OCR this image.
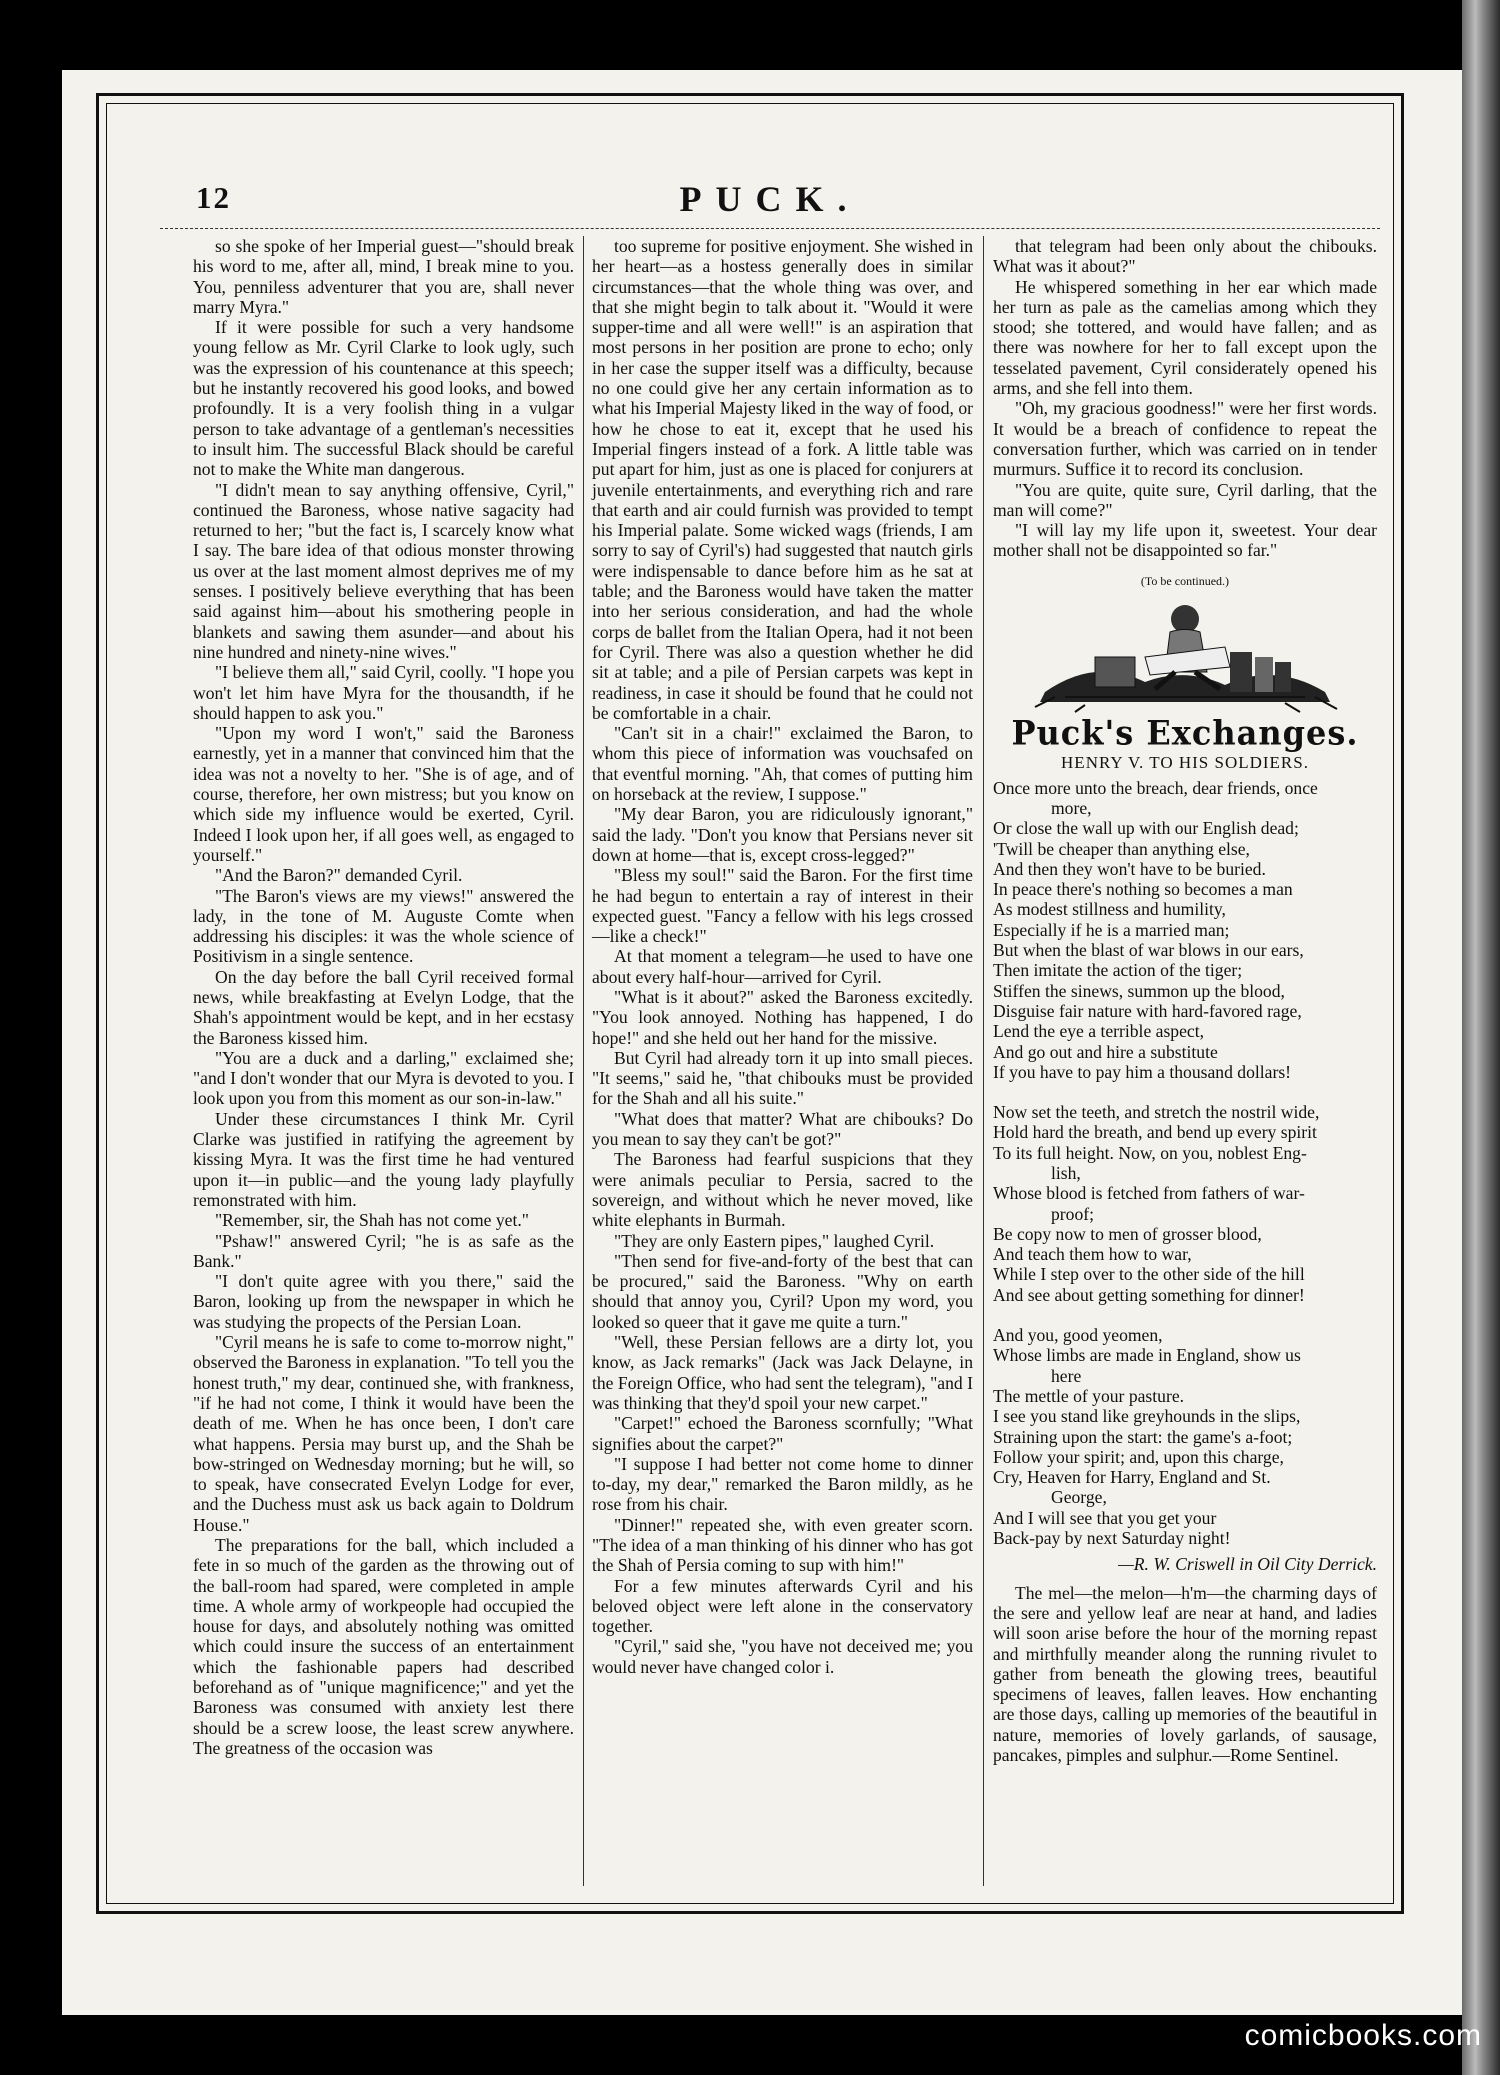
12	PUCK.

so she spoke of her Imperial guest—"should break his word to me, after all, mind, I break mine to you. You, penniless adventurer that you are, shall never marry Myra."

If it were possible for such a very handsome young fellow as Mr. Cyril Clarke to look ugly, such was the expression of his countenance at this speech; but he instantly recovered his good looks, and bowed profoundly. It is a very foolish thing in a vulgar person to take advantage of a gentleman's necessities to insult him. The successful Black should be careful not to make the White man dangerous.

"I didn't mean to say anything offensive, Cyril," continued the Baroness, whose native sagacity had returned to her; "but the fact is, I scarcely know what I say. The bare idea of that odious monster throwing us over at the last moment almost deprives me of my senses. I positively believe everything that has been said against him—about his smothering people in blankets and sawing them asunder—and about his nine hundred and ninety-nine wives."

"I believe them all," said Cyril, coolly. "I hope you won't let him have Myra for the thousandth, if he should happen to ask you."

"Upon my word I won't," said the Baroness earnestly, yet in a manner that convinced him that the idea was not a novelty to her. "She is of age, and of course, therefore, her own mistress; but you know on which side my influence would be exerted, Cyril. Indeed I look upon her, if all goes well, as engaged to yourself."

"And the Baron?" demanded Cyril.

"The Baron's views are my views!" answered the lady, in the tone of M. Auguste Comte when addressing his disciples: it was the whole science of Positivism in a single sentence.

On the day before the ball Cyril received formal news, while breakfasting at Evelyn Lodge, that the Shah's appointment would be kept, and in her ecstasy the Baroness kissed him.

"You are a duck and a darling," exclaimed she; "and I don't wonder that our Myra is devoted to you. I look upon you from this moment as our son-in-law."

Under these circumstances I think Mr. Cyril Clarke was justified in ratifying the agreement by kissing Myra. It was the first time he had ventured upon it—in public—and the young lady playfully remonstrated with him.

"Remember, sir, the Shah has not come yet."

"Pshaw!" answered Cyril; "he is as safe as the Bank."

"I don't quite agree with you there," said the Baron, looking up from the newspaper in which he was studying the propects of the Persian Loan.

"Cyril means he is safe to come to-morrow night," observed the Baroness in explanation. "To tell you the honest truth," my dear, continued she, with frankness, "if he had not come, I think it would have been the death of me. When he has once been, I don't care what happens. Persia may burst up, and the Shah be bow-stringed on Wednesday morning; but he will, so to speak, have consecrated Evelyn Lodge for ever, and the Duchess must ask us back again to Doldrum House."

The preparations for the ball, which included a fete in so much of the garden as the throwing out of the ball-room had spared, were completed in ample time. A whole army of workpeople had occupied the house for days, and absolutely nothing was omitted which could insure the success of an entertainment which the fashionable papers had described beforehand as of "unique magnificence;" and yet the Baroness was consumed with anxiety lest there should be a screw loose, the least screw anywhere. The greatness of the occasion was

too supreme for positive enjoyment. She wished in her heart—as a hostess generally does in similar circumstances—that the whole thing was over, and that she might begin to talk about it. "Would it were supper-time and all were well!" is an aspiration that most persons in her position are prone to echo; only in her case the supper itself was a difficulty, because no one could give her any certain information as to what his Imperial Majesty liked in the way of food, or how he chose to eat it, except that he used his Imperial fingers instead of a fork. A little table was put apart for him, just as one is placed for conjurers at juvenile entertainments, and everything rich and rare that earth and air could furnish was provided to tempt his Imperial palate. Some wicked wags (friends, I am sorry to say of Cyril's) had suggested that nautch girls were indispensable to dance before him as he sat at table; and the Baroness would have taken the matter into her serious consideration, and had the whole corps de ballet from the Italian Opera, had it not been for Cyril. There was also a question whether he did sit at table; and a pile of Persian carpets was kept in readiness, in case it should be found that he could not be comfortable in a chair.

"Can't sit in a chair!" exclaimed the Baron, to whom this piece of information was vouchsafed on that eventful morning. "Ah, that comes of putting him on horseback at the review, I suppose."

"My dear Baron, you are ridiculously ignorant," said the lady. "Don't you know that Persians never sit down at home—that is, except cross-legged?"

"Bless my soul!" said the Baron. For the first time he had begun to entertain a ray of interest in their expected guest. "Fancy a fellow with his legs crossed—like a check!"

At that moment a telegram—he used to have one about every half-hour—arrived for Cyril.

"What is it about?" asked the Baroness excitedly. "You look annoyed. Nothing has happened, I do hope!" and she held out her hand for the missive.

But Cyril had already torn it up into small pieces. "It seems," said he, "that chibouks must be provided for the Shah and all his suite."

"What does that matter? What are chibouks? Do you mean to say they can't be got?"

The Baroness had fearful suspicions that they were animals peculiar to Persia, sacred to the sovereign, and without which he never moved, like white elephants in Burmah.

"They are only Eastern pipes," laughed Cyril.

"Then send for five-and-forty of the best that can be procured," said the Baroness. "Why on earth should that annoy you, Cyril? Upon my word, you looked so queer that it gave me quite a turn."

"Well, these Persian fellows are a dirty lot, you know, as Jack remarks" (Jack was Jack Delayne, in the Foreign Office, who had sent the telegram), "and I was thinking that they'd spoil your new carpet."

"Carpet!" echoed the Baroness scornfully; "What signifies about the carpet?"

"I suppose I had better not come home to dinner to-day, my dear," remarked the Baron mildly, as he rose from his chair.

"Dinner!" repeated she, with even greater scorn. "The idea of a man thinking of his dinner who has got the Shah of Persia coming to sup with him!"

For a few minutes afterwards Cyril and his beloved object were left alone in the conservatory together.

"Cyril," said she, "you have not deceived me; you would never have changed color i.

that telegram had been only about the chibouks. What was it about?"

He whispered something in her ear which made her turn as pale as the camelias among which they stood; she tottered, and would have fallen; and as there was nowhere for her to fall except upon the tesselated pavement, Cyril considerately opened his arms, and she fell into them.

"Oh, my gracious goodness!" were her first words. It would be a breach of confidence to repeat the conversation further, which was carried on in tender murmurs. Suffice it to record its conclusion.

"You are quite, quite sure, Cyril darling, that the man will come?"

"I will lay my life upon it, sweetest. Your dear mother shall not be disappointed so far."

(To be continued.)

Puck's Exchanges.

HENRY V. TO HIS SOLDIERS.

Once more unto the breach, dear friends, once
more,
Or close the wall up with our English dead;
'Twill be cheaper than anything else,
And then they won't have to be buried.
In peace there's nothing so becomes a man
As modest stillness and humility,
Especially if he is a married man;
But when the blast of war blows in our ears,
Then imitate the action of the tiger;
Stiffen the sinews, summon up the blood,
Disguise fair nature with hard-favored rage,
Lend the eye a terrible aspect,
And go out and hire a substitute
If you have to pay him a thousand dollars!
Now set the teeth, and stretch the nostril wide,
Hold hard the breath, and bend up every spirit
To its full height. Now, on you, noblest Eng-
lish,
Whose blood is fetched from fathers of war-
proof;
Be copy now to men of grosser blood,
And teach them how to war,
While I step over to the other side of the hill
And see about getting something for dinner!
And you, good yeomen,
Whose limbs are made in England, show us
here
The mettle of your pasture.
I see you stand like greyhounds in the slips,
Straining upon the start: the game's a-foot;
Follow your spirit; and, upon this charge,
Cry, Heaven for Harry, England and St.
George,
And I will see that you get your
Back-pay by next Saturday night!

—R. W. Criswell in Oil City Derrick.

The mel—the melon—h'm—the charming days of the sere and yellow leaf are near at hand, and ladies will soon arise before the hour of the morning repast and mirthfully meander along the running rivulet to gather from beneath the glowing trees, beautiful specimens of leaves, fallen leaves. How enchanting are those days, calling up memories of the beautiful in nature, memories of lovely garlands, of sausage, pancakes, pimples and sulphur.—Rome Sentinel.

comicbooks.com
